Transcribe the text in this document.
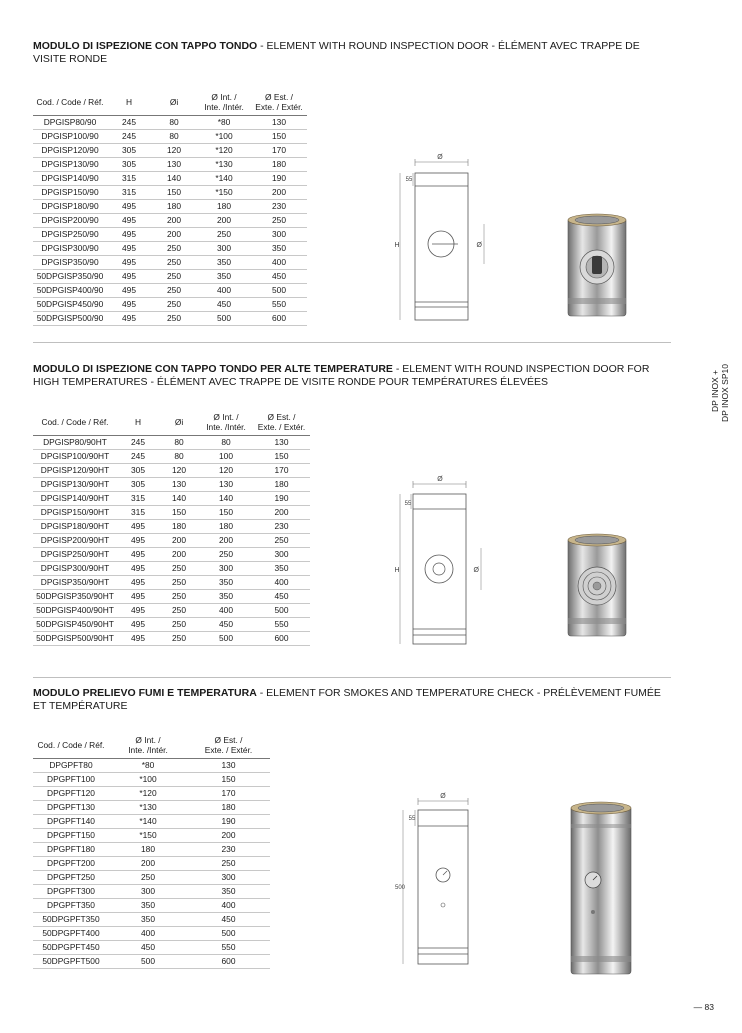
MODULO DI ISPEZIONE CON TAPPO TONDO - ELEMENT WITH ROUND INSPECTION DOOR - ÉLÉMENT AVEC TRAPPE DE VISITE RONDE
Cod. / Code / Réf.	H	Øi	Ø Int. /
Inte. /Intér.	Ø Est. /
Exte. / Extér.
DPGISP80/90	245	80	*80	130
DPGISP100/90	245	80	*100	150
DPGISP120/90	305	120	*120	170
DPGISP130/90	305	130	*130	180
DPGISP140/90	315	140	*140	190
DPGISP150/90	315	150	*150	200
DPGISP180/90	495	180	180	230
DPGISP200/90	495	200	200	250
DPGISP250/90	495	200	250	300
DPGISP300/90	495	250	300	350
DPGISP350/90	495	250	350	400
50DPGISP350/90	495	250	350	450
50DPGISP400/90	495	250	400	500
50DPGISP450/90	495	250	450	550
50DPGISP500/90	495	250	500	600
Ø
55
H	Ø
MODULO DI ISPEZIONE CON TAPPO TONDO PER ALTE TEMPERATURE - ELEMENT WITH ROUND INSPECTION DOOR FOR HIGH TEMPERATURES - ÉLÉMENT AVEC TRAPPE DE VISITE RONDE POUR TEMPÉRATURES ÉLEVÉES
Cod. / Code / Réf.	H	Øi	Ø Int. /
Inte. /Intér.	Ø Est. /
Exte. / Extér.
DPGISP80/90HT	245	80	80	130
DPGISP100/90HT	245	80	100	150
DPGISP120/90HT	305	120	120	170
DPGISP130/90HT	305	130	130	180
DPGISP140/90HT	315	140	140	190
DPGISP150/90HT	315	150	150	200
DPGISP180/90HT	495	180	180	230
DPGISP200/90HT	495	200	200	250
DPGISP250/90HT	495	200	250	300
DPGISP300/90HT	495	250	300	350
DPGISP350/90HT	495	250	350	400
50DPGISP350/90HT	495	250	350	450
50DPGISP400/90HT	495	250	400	500
50DPGISP450/90HT	495	250	450	550
50DPGISP500/90HT	495	250	500	600
Ø
55
H	Ø
MODULO PRELIEVO FUMI E TEMPERATURA - ELEMENT FOR SMOKES AND TEMPERATURE CHECK - PRÉLÈVEMENT FUMÉE ET TEMPÉRATURE
Cod. / Code / Réf.	Ø Int. /
Inte. /Intér.	Ø Est. /
Exte. / Extér.
DPGPFT80	*80	130
DPGPFT100	*100	150
DPGPFT120	*120	170
DPGPFT130	*130	180
DPGPFT140	*140	190
DPGPFT150	*150	200
DPGPFT180	180	230
DPGPFT200	200	250
DPGPFT250	250	300
DPGPFT300	300	350
DPGPFT350	350	400
50DPGPFT350	350	450
50DPGPFT400	400	500
50DPGPFT450	450	550
50DPGPFT500	500	600
Ø
55
500
DP INOX + DP INOX SP10
— 83
